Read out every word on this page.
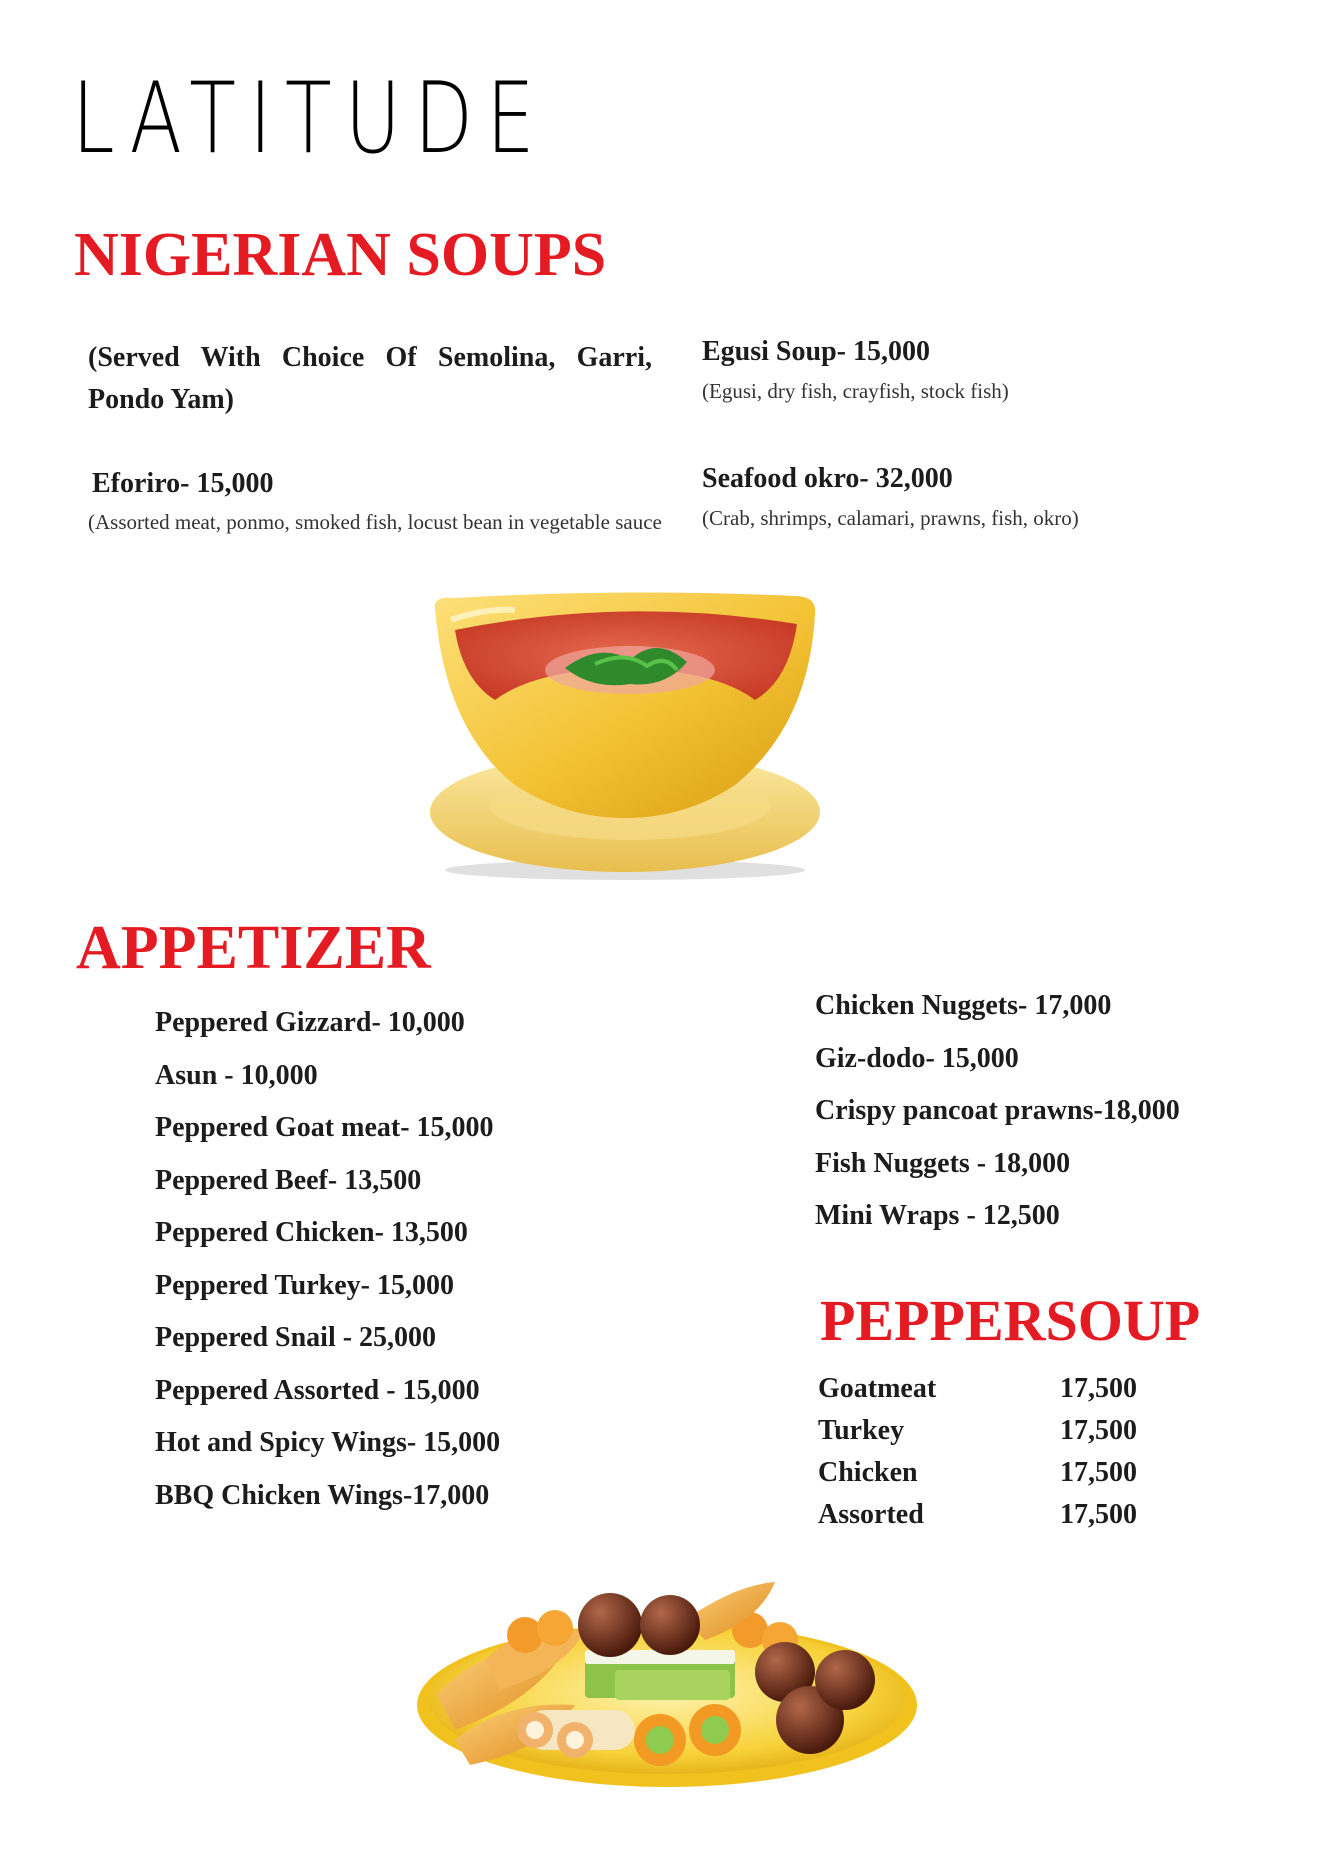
LATITUDE
NIGERIAN SOUPS
(Served With Choice Of Semolina, Garri, Pondo Yam)
Eforiro- 15,000
(Assorted meat, ponmo, smoked fish, locust bean in vegetable sauce
Egusi Soup- 15,000
(Egusi, dry fish, crayfish, stock fish)
Seafood okro- 32,000
(Crab, shrimps, calamari, prawns, fish, okro)
APPETIZER
Peppered Gizzard- 10,000
Asun - 10,000
Peppered Goat meat- 15,000
Peppered Beef- 13,500
Peppered Chicken- 13,500
Peppered Turkey- 15,000
Peppered Snail - 25,000
Peppered Assorted - 15,000
Hot and Spicy Wings- 15,000
BBQ Chicken Wings-17,000
Chicken Nuggets- 17,000
Giz-dodo- 15,000
Crispy pancoat prawns-18,000
Fish Nuggets - 18,000
Mini Wraps - 12,500
PEPPERSOUP
Goatmeat	17,500
Turkey	17,500
Chicken	17,500
Assorted	17,500
